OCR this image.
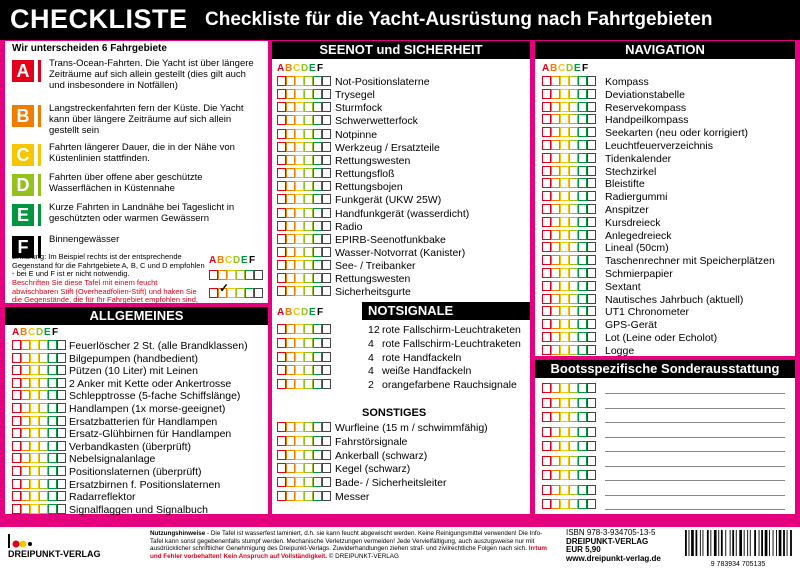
CHECKLISTE Checkliste für die Yacht-Ausrüstung nach Fahrtgebieten
Wir unterscheiden 6 Fahrgebiete
A	Trans-Ocean-Fahrten. Die Yacht ist über längere Zeiträume auf sich allein gestellt (dies gilt auch und insbesondere in Notfällen)
B	Langstreckenfahrten fern der Küste. Die Yacht kann über längere Zeiträume auf sich allein gestellt sein
C	Fahrten längerer Dauer, die in der Nähe von Küstenlinien stattfinden.
D	Fahrten über offene aber geschützte Wasserflächen in Küstennahe
E	Kurze Fahrten in Landnähe bei Tageslicht in geschützten oder warmen Gewässern
F	Binnengewässer
Erklärung: Im Beispiel rechts ist der entsprechende Gegenstand für die Fahrtgebiete A, B, C und D empfohlen - bei E und F ist er nicht notwendig.
Beschriften Sie diese Tafel mit einem feucht abwischbaren Stift (Overheadfolien-Stift) und haken Sie die Gegenstände, die für Ihr Fahrgebiet empfohlen sind,
ABCDEF
✓
ALLGEMEINES
ABCDEF
Feuerlöscher 2 St. (alle Brandklassen)
Bilgepumpen (handbedient)
Pützen (10 Liter) mit Leinen
2 Anker mit Kette oder Ankertrosse
Schlepptrosse (5-fache Schiffslänge)
Handlampen (1x morse-geeignet)
Ersatzbatterien für Handlampen
Ersatz-Glühbirnen für Handlampen
Verbandkasten (überprüft)
Nebelsignalanlage
Positionslaternen (überprüft)
Ersatzbirnen f. Positionslaternen
Radarreflektor
Signalflaggen und Signalbuch
SEENOT und SICHERHEIT
ABCDEF
Not-Positionslaterne
Trysegel
Sturmfock
Schwerwetterfock
Notpinne
Werkzeug / Ersatzteile
Rettungswesten
Rettungsfloß
Rettungsbojen
Funkgerät (UKW 25W)
Handfunkgerät (wasserdicht)
Radio
EPIRB-Seenotfunkbake
Wasser-Notvorrat (Kanister)
See- / Treibanker
Rettungswesten
Sicherheitsgurte
ABCDEF	NOTSIGNALE
12 rote Fallschirm-Leuchtraketen
4 rote Fallschirm-Leuchtraketen
4 rote Handfackeln
4 weiße Handfackeln
2 orangefarbene Rauchsignale
SONSTIGES
Wurfleine (15 m / schwimmfähig)
Fahrstörsignale
Ankerball (schwarz)
Kegel (schwarz)
Bade- / Sicherheitsleiter
Messer
NAVIGATION
ABCDEF
Kompass
Deviationstabelle
Reservekompass
Handpeilkompass
Seekarten (neu oder korrigiert)
Leuchtfeuerverzeichnis
Tidenkalender
Stechzirkel
Bleistifte
Radiergummi
Anspitzer
Kursdreieck
Anlegedreieck
Lineal (50cm)
Taschenrechner mit Speicherplätzen
Schmierpapier
Sextant
Nautisches Jahrbuch (aktuell)
UT1 Chronometer
GPS-Gerät
Lot (Leine oder Echolot)
Logge
Bootsspezifische Sonderausstattung
DREIPUNKT-VERLAG
Nutzungshinweise - Die Tafel ist wasserfest laminiert, d.h. sie kann feucht abgewischt werden. Keine Reinigungsmittel verwenden! Die Info-Tafel kann sonst gegebenenfalls stumpf werden. Mechanische Verletzungen vermeiden! Jede Vervielfältigung, auch auszugsweise nur mit ausdrücklicher schriftlicher Genehmigung des Dreipunkt-Verlags. Zuwiderhandlungen ziehen straf- und zivilrechtliche Folgen nach sich. Irrtum und Fehler vorbehalten! Kein Anspruch auf Vollständigkeit. © DREIPUNKT-VERLAG
ISBN 978-3-934705-13-5
DREIPUNKT-VERLAG
EUR 5,90
www.dreipunkt-verlag.de
9 783934 705135
